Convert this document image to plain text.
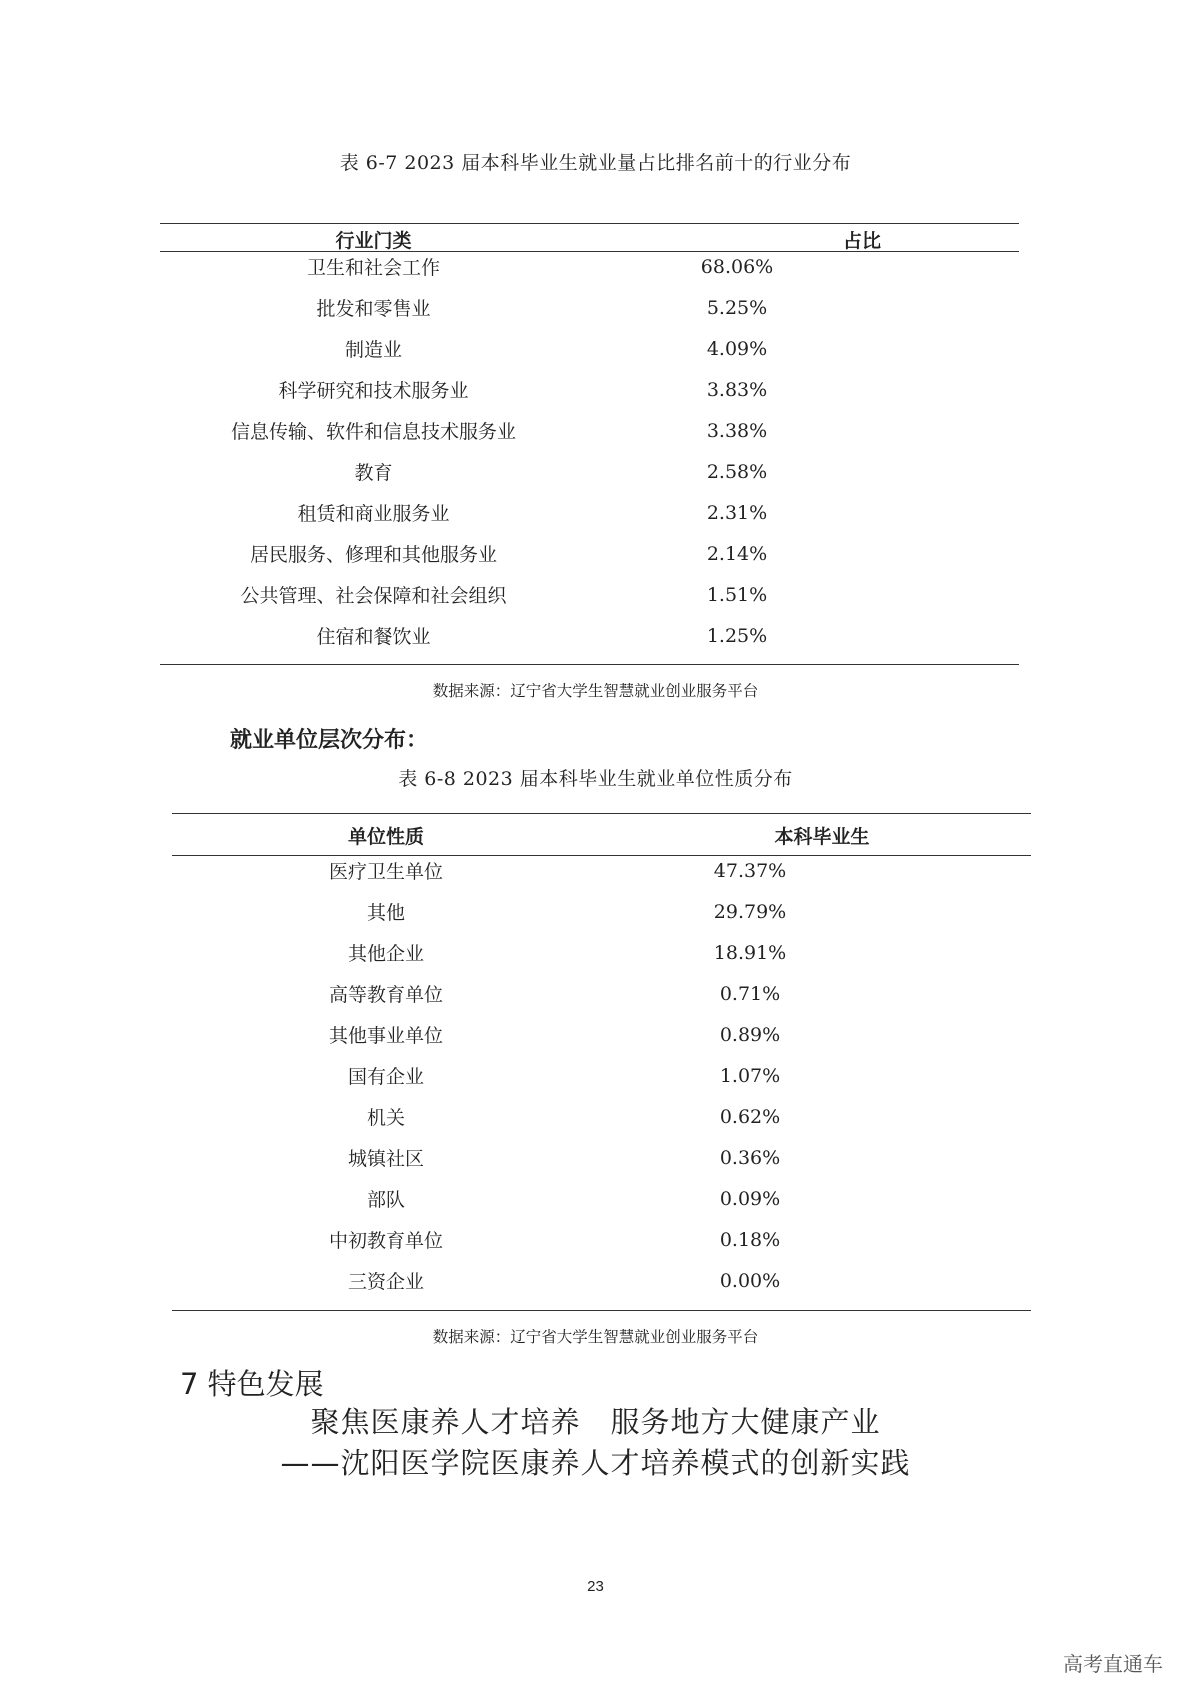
表 6-7 2023 届本科毕业生就业量占比排名前十的行业分布
行业门类	占比
卫生和社会工作	68.06%
批发和零售业	5.25%
制造业	4.09%
科学研究和技术服务业	3.83%
信息传输、软件和信息技术服务业	3.38%
教育	2.58%
租赁和商业服务业	2.31%
居民服务、修理和其他服务业	2.14%
公共管理、社会保障和社会组织	1.51%
住宿和餐饮业	1.25%
数据来源：辽宁省大学生智慧就业创业服务平台
就业单位层次分布：
表 6-8 2023 届本科毕业生就业单位性质分布
单位性质	本科毕业生
医疗卫生单位	47.37%
其他	29.79%
其他企业	18.91%
高等教育单位	0.71%
其他事业单位	0.89%
国有企业	1.07%
机关	0.62%
城镇社区	0.36%
部队	0.09%
中初教育单位	0.18%
三资企业	0.00%
数据来源：辽宁省大学生智慧就业创业服务平台
7 特色发展
聚焦医康养人才培养　服务地方大健康产业
——沈阳医学院医康养人才培养模式的创新实践
23
高考直通车
